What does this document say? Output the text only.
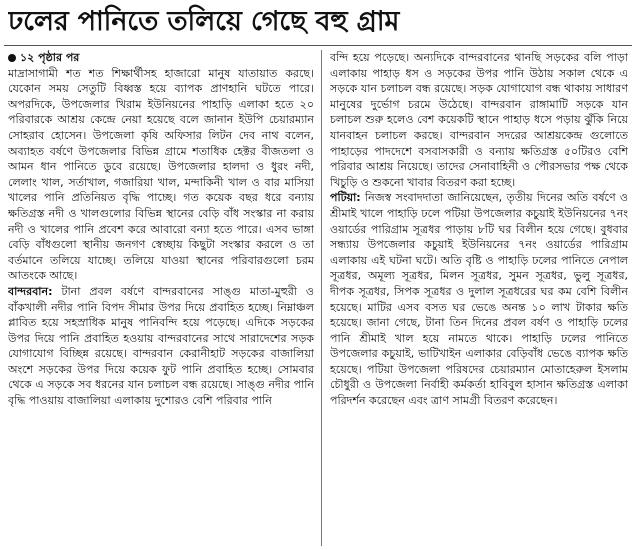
ঢলের পানিতে তলিয়ে গেছে বহু গ্রাম
১২ পৃষ্ঠার পর

মাদ্রাসাগামী শত শত শিক্ষার্থীসহ হাজারো মানুষ যাতায়াত করছে। যেকোন সময় সেতুটি বিধ্বস্ত হয়ে ব্যাপক প্রাণহানি ঘটতে পারে। অপরদিকে, উপজেলার খিরাম ইউনিয়নের পাহাড়ি এলাকা হতে ২০ পরিবারকে আশ্রয় কেন্দ্রে নেয়া হয়েছে বলে জানান ইউপি চেয়ারম্যান সোহরাব হোসেন। উপজেলা কৃষি অফিসার লিটন দেব নাথ বলেন, অব্যাহত বর্ষণে উপজেলার বিভিন্ন গ্রামে শতাধিক হেক্টর বীজতলা ও আমন ধান পানিতে ডুবে রয়েছে। উপজেলার হালদা ও ধুরং নদী, লেলাং খাল, সর্তাখাল, গজারিয়া খাল, মন্দাকিনী খাল ও বার মাসিয়া খালের পানি প্রতিনিয়ত বৃদ্ধি পাচ্ছে। গত কয়েক বছর ধরে বন্যায় ক্ষতিগ্রস্ত নদী ও খালগুলোর বিভিন্ন স্থানের বেড়ি বাঁধ সংস্কার না করায় নদী ও খালের পানি প্রবেশ করে আবারো বন্যা হতে পারে। এসব ভাঙ্গা বেড়ি বাঁধগুলো স্থানীয় জনগণ স্বেচ্ছায় কিছুটা সংস্কার করলে ও তা বর্তমানে তলিয়ে যাচ্ছে। তলিয়ে যাওয়া স্থানের পরিবারগুলো চরম আতংকে আছে।

বান্দরবান: টানা প্রবল বর্ষণে বান্দরবানের সাঙ্গু মাতা-মুহুরী ও বাঁকখালী নদীর পানি বিপদ সীমার উপর দিয়ে প্রবাহিত হচ্ছে। নিম্নাঞ্চল প্লাবিত হয়ে সহস্রাধিক মানুষ পানিবন্দি হয়ে পড়েছে। এদিকে সড়কের উপর দিয়ে পানি প্রবাহিত হওয়ায় বান্দরবানের সাথে সারাদেশের সড়ক যোগাযোগ বিচ্ছিন্ন রয়েছে। বান্দরবান কেরানীহাট সড়কের বাজালিয়া অংশে সড়কের উপর দিয়ে কয়েক ফুট পানি প্রবাহিত হচ্ছে। সোমবার থেকে এ সড়কে সব ধরনের যান চলাচল বন্ধ রয়েছে। সাঙ্গু নদীর পানি বৃদ্ধি পাওয়ায় বাজালিয়া এলাকায় দুশোরও বেশি পরিবার পানি

বন্দি হয়ে পড়েছে। অন্যদিকে বান্দরবানের থানছি সড়কের বলি পাড়া এলাকায় পাহাড় ধস ও সড়কের উপর পানি উঠায় সকাল থেকে এ সড়কে যান চলাচল বন্ধ রয়েছে। সড়ক যোগাযোগ বন্ধ থাকায় সাধারণ মানুষের দুর্ভোগ চরমে উঠেছে। বান্দরবান রাঙ্গামাটি সড়কে যান চলাচল শুরু হলেও বেশ কয়েকটি স্থানে পাহাড় ধসে পড়ায় ঝুঁকি নিয়ে যানবাহন চলাচল করছে। বান্দরবান সদরের আশ্রয়কেন্দ্র গুলোতে পাহাড়ের পাদদেশে বসবাসকারী ও বন্যায় ক্ষতিগ্রস্ত ৫০টিরও বেশি পরিবার আশ্রয় নিয়েছে। তাদের সেনাবাহিনী ও পৌরসভার পক্ষ থেকে খিচুড়ি ও শুকনো খাবার বিতরণ করা হচ্ছে।

পটিয়া: নিজস্ব সংবাদদাতা জানিয়েছেন, তৃতীয় দিনের অতি বর্ষণে ও শ্রীমাই খালে পাহাড়ি ঢলে পটিয়া উপজেলার কচুয়াই ইউনিয়নের ৭নং ওয়ার্ডের পারিগ্রাম সূত্রধর পাড়ায় ৮টি ঘর বিলীন হয়ে গেছে। বুধবার সন্ধ্যায় উপজেলার কচুয়াই ইউনিয়নের ৭নং ওয়ার্ডের পারিগ্রাম এলাকায় এই ঘটনা ঘটে। অতি বৃষ্টি ও পাহাড়ি ঢলের পানিতে নেপাল সূত্রধর, অমূল্য সূত্রধর, মিলন সূত্রধর, সুমন সূত্রধর, ভুলু সূত্রধর, দীপক সূত্রধর, সিপক সূত্রধর ও দুলাল সূত্রধরের ঘর কম বেশি বিলীন হয়েছে। মাটির এসব বসত ঘর ভেঙে অনন্ত ১০ লাখ টাকার ক্ষতি হয়েছে। জানা গেছে, টানা তিন দিনের প্রবল বর্ষণ ও পাহাড়ি ঢলের পানি শ্রীমাই খাল হয়ে নামতে থাকে। পাহাড়ি ঢলের পানিতে উপজেলার কচুয়াই, ভাটিখাইন এলাকার বেড়িবাঁধ ভেঙে ব্যাপক ক্ষতি হয়েছে। পটিয়া উপজেলা পরিষদের চেয়ারম্যান মোতাহেরুল ইসলাম চৌধুরী ও উপজেলা নির্বাহী কর্মকর্তা হাবিবুল হাসান ক্ষতিগ্রস্ত এলাকা পরিদর্শন করেছেন এবং ত্রাণ সামগ্রী বিতরণ করেছেন।
